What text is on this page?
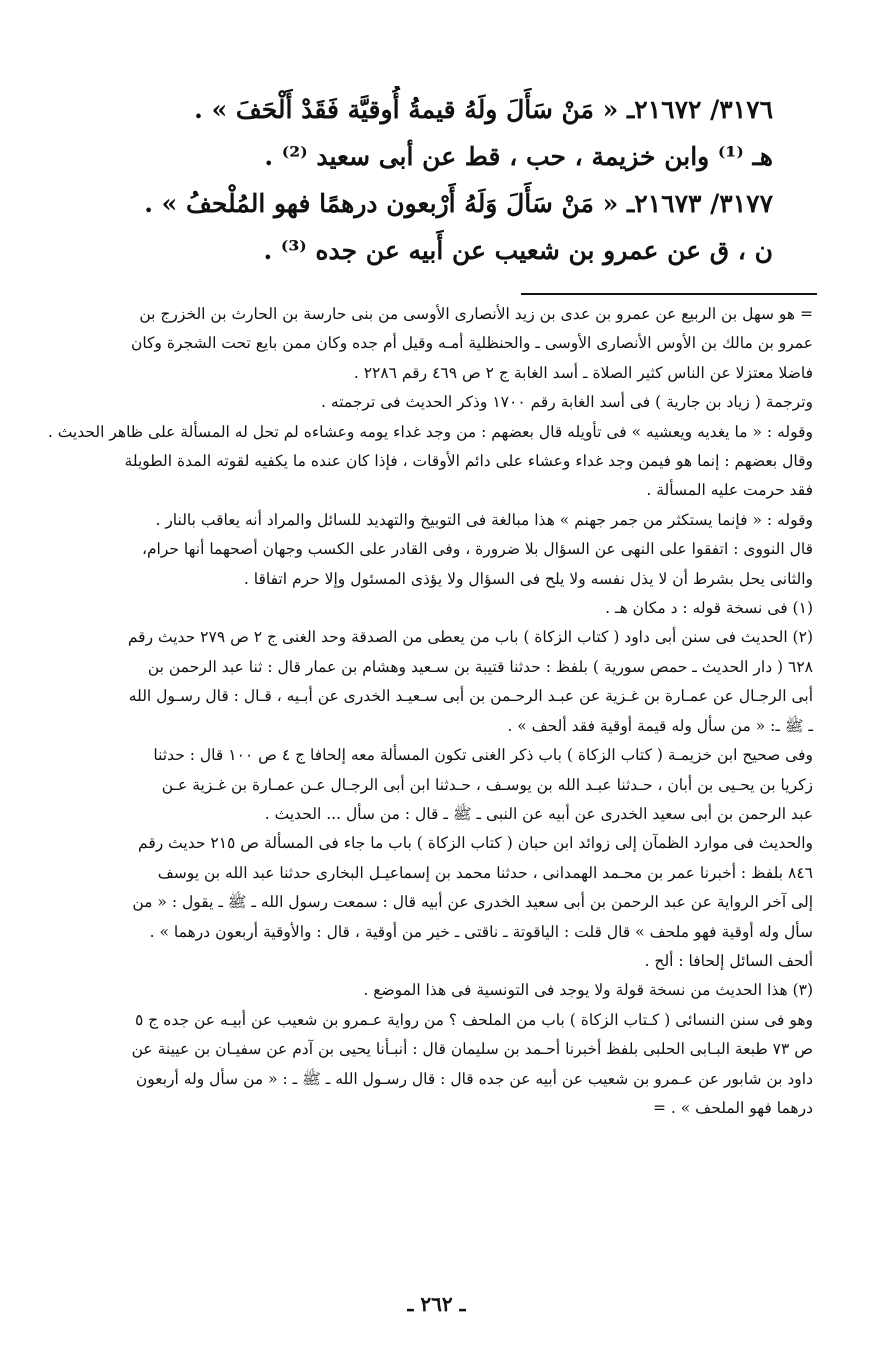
٣١٧٦/ ٢١٦٧٢ـ « مَنْ سَأَلَ ولَهُ قيمةُ أُوقيَّة فَقَدْ أَلْحَفَ » .
هـ ⁽¹⁾ وابن خزيمة ، حب ، قط عن أبى سعيد ⁽²⁾ .
٣١٧٧/ ٢١٦٧٣ـ « مَنْ سَأَلَ وَلَهُ أَرْبعون درهمًا فهو المُلْحفُ » .
ن ، ق عن عمرو بن شعيب عن أَبيه عن جده ⁽³⁾ .

= هو سهل بن الربيع عن عمرو بن عدى بن زيد الأنصارى الأوسى من بنى حارسة بن الحارث بن الخزرج بن

عمرو بن مالك بن الأوس الأنصارى الأوسى ـ والحنظلية أمـه وقيل أم جده وكان ممن بايع تحت الشجرة وكان

فاضلا معتزلا عن الناس كثير الصلاة ـ أسد الغابة ج ٢ ص ٤٦٩ رقم ٢٢٨٦ .

وترجمة ( زياد بن جارية ) فى أسد الغابة رقم ١٧٠٠ وذكر الحديث فى ترجمته .

وقوله : « ما يغديه ويعشيه » فى تأويله قال بعضهم : من وجد غداء يومه وعشاءه لم تحل له المسألة على ظاهر الحديث .

وقال بعضهم : إنما هو فيمن وجد غداء وعشاء على دائم الأوقات ، فإذا كان عنده ما يكفيه لقوته المدة الطويلة

فقد حرمت عليه المسألة .

وقوله : « فإنما يستكثر من جمر جهنم » هذا مبالغة فى التوبيخ والتهديد للسائل والمراد أنه يعاقب بالنار .

قال النووى : اتفقوا على النهى عن السؤال بلا ضرورة ، وفى القادر على الكسب وجهان أصحهما أنها حرام،

والثانى يحل بشرط أن لا يذل نفسه ولا يلح فى السؤال ولا يؤذى المسئول وإلا حرم اتفاقا .

(١) فى نسخة قوله : د مكان هـ .

(٢) الحديث فى سنن أبى داود ( كتاب الزكاة ) باب من يعطى من الصدقة وحد الغنى ج ٢ ص ٢٧٩ حديث رقم

٦٢٨ ( دار الحديث ـ حمص سورية ) بلفظ : حدثنا قتيبة بن سـعيد وهشام بن عمار قال : ثنا عبد الرحمن بن

أبى الرجـال عن عمـارة بن غـزية عن عبـد الرحـمن بن أبى سـعيـد الخدرى عن أبـيه ، قـال : قال رسـول الله

ـ ﷺ ـ: « من سأل وله قيمة أوقية فقد ألحف » .

وفى صحيح ابن خزيمـة ( كتاب الزكاة ) باب ذكر الغنى تكون المسألة معه إلحافا ج ٤ ص ١٠٠ قال : حدثنا

زكريا بن يحـيى بن أبان ، حـدثنا عبـد الله بن يوسـف ، حـدثنا ابن أبى الرجـال عـن عمـارة بن غـزية عـن

عبد الرحمن بن أبى سعيد الخدرى عن أبيه عن النبى ـ ﷺ ـ قال : من سأل ... الحديث .

والحديث فى موارد الظمآن إلى زوائد ابن حبان ( كتاب الزكاة ) باب ما جاء فى المسألة ص ٢١٥ حديث رقم

٨٤٦ بلفظ : أخبرنا عمر بن محـمد الهمدانى ، حدثنا محمد بن إسماعيـل البخارى حدثنا عبد الله بن يوسف

إلى آخر الرواية عن عبد الرحمن بن أبى سعيد الخدرى عن أبيه قال : سمعت رسول الله ـ ﷺ ـ يقول : « من

سأل وله أوقية فهو ملحف » قال قلت : الياقوتة ـ ناقتى ـ خير من أوقية ، قال : والأوقية أربعون درهما » .

ألحف السائل إلحافا : ألح .

(٣) هذا الحديث من نسخة قولة ولا يوجد فى التونسية فى هذا الموضع .

وهو فى سنن النسائى ( كـتاب الزكاة ) باب من الملحف ؟ من رواية عـمرو بن شعيب عن أبيـه عن جده ج ٥

ص ٧٣ طبعة البـابى الحلبى بلفظ أخبرنا أحـمد بن سليمان قال : أنبـأنا يحيى بن آدم عن سفيـان بن عيينة عن

داود بن شابور عن عـمرو بن شعيب عن أبيه عن جده قال : قال رسـول الله ـ ﷺ ـ : « من سأل وله أربعون

درهما فهو الملحف » . =

ـ ٢٦٢ ـ
